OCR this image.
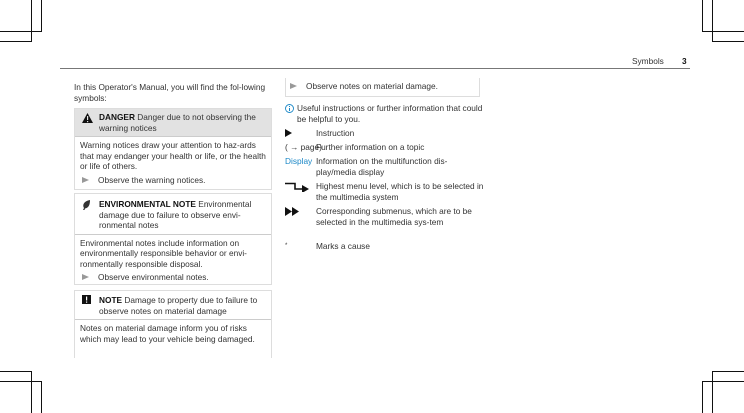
Symbols 3
In this Operator's Manual, you will find the fol-lowing symbols:
DANGER Danger due to not observing the warning notices
Warning notices draw your attention to haz-ards that may endanger your health or life, or the health or life of others.
Observe the warning notices.
ENVIRONMENTAL NOTE Environmental damage due to failure to observe envi-ronmental notes
Environmental notes include information on environmentally responsible behavior or envi-ronmentally responsible disposal.
Observe environmental notes.
NOTE Damage to property due to failure to observe notes on material damage
Notes on material damage inform you of risks which may lead to your vehicle being damaged.
Observe notes on material damage.
Useful instructions or further information that could be helpful to you.
Instruction
( → page)
Further information on a topic
Display Information on the multifunction dis-play/media display
Highest menu level, which is to be selected in the multimedia system
Corresponding submenus, which are to be selected in the multimedia sys-tem
*	Marks a cause
